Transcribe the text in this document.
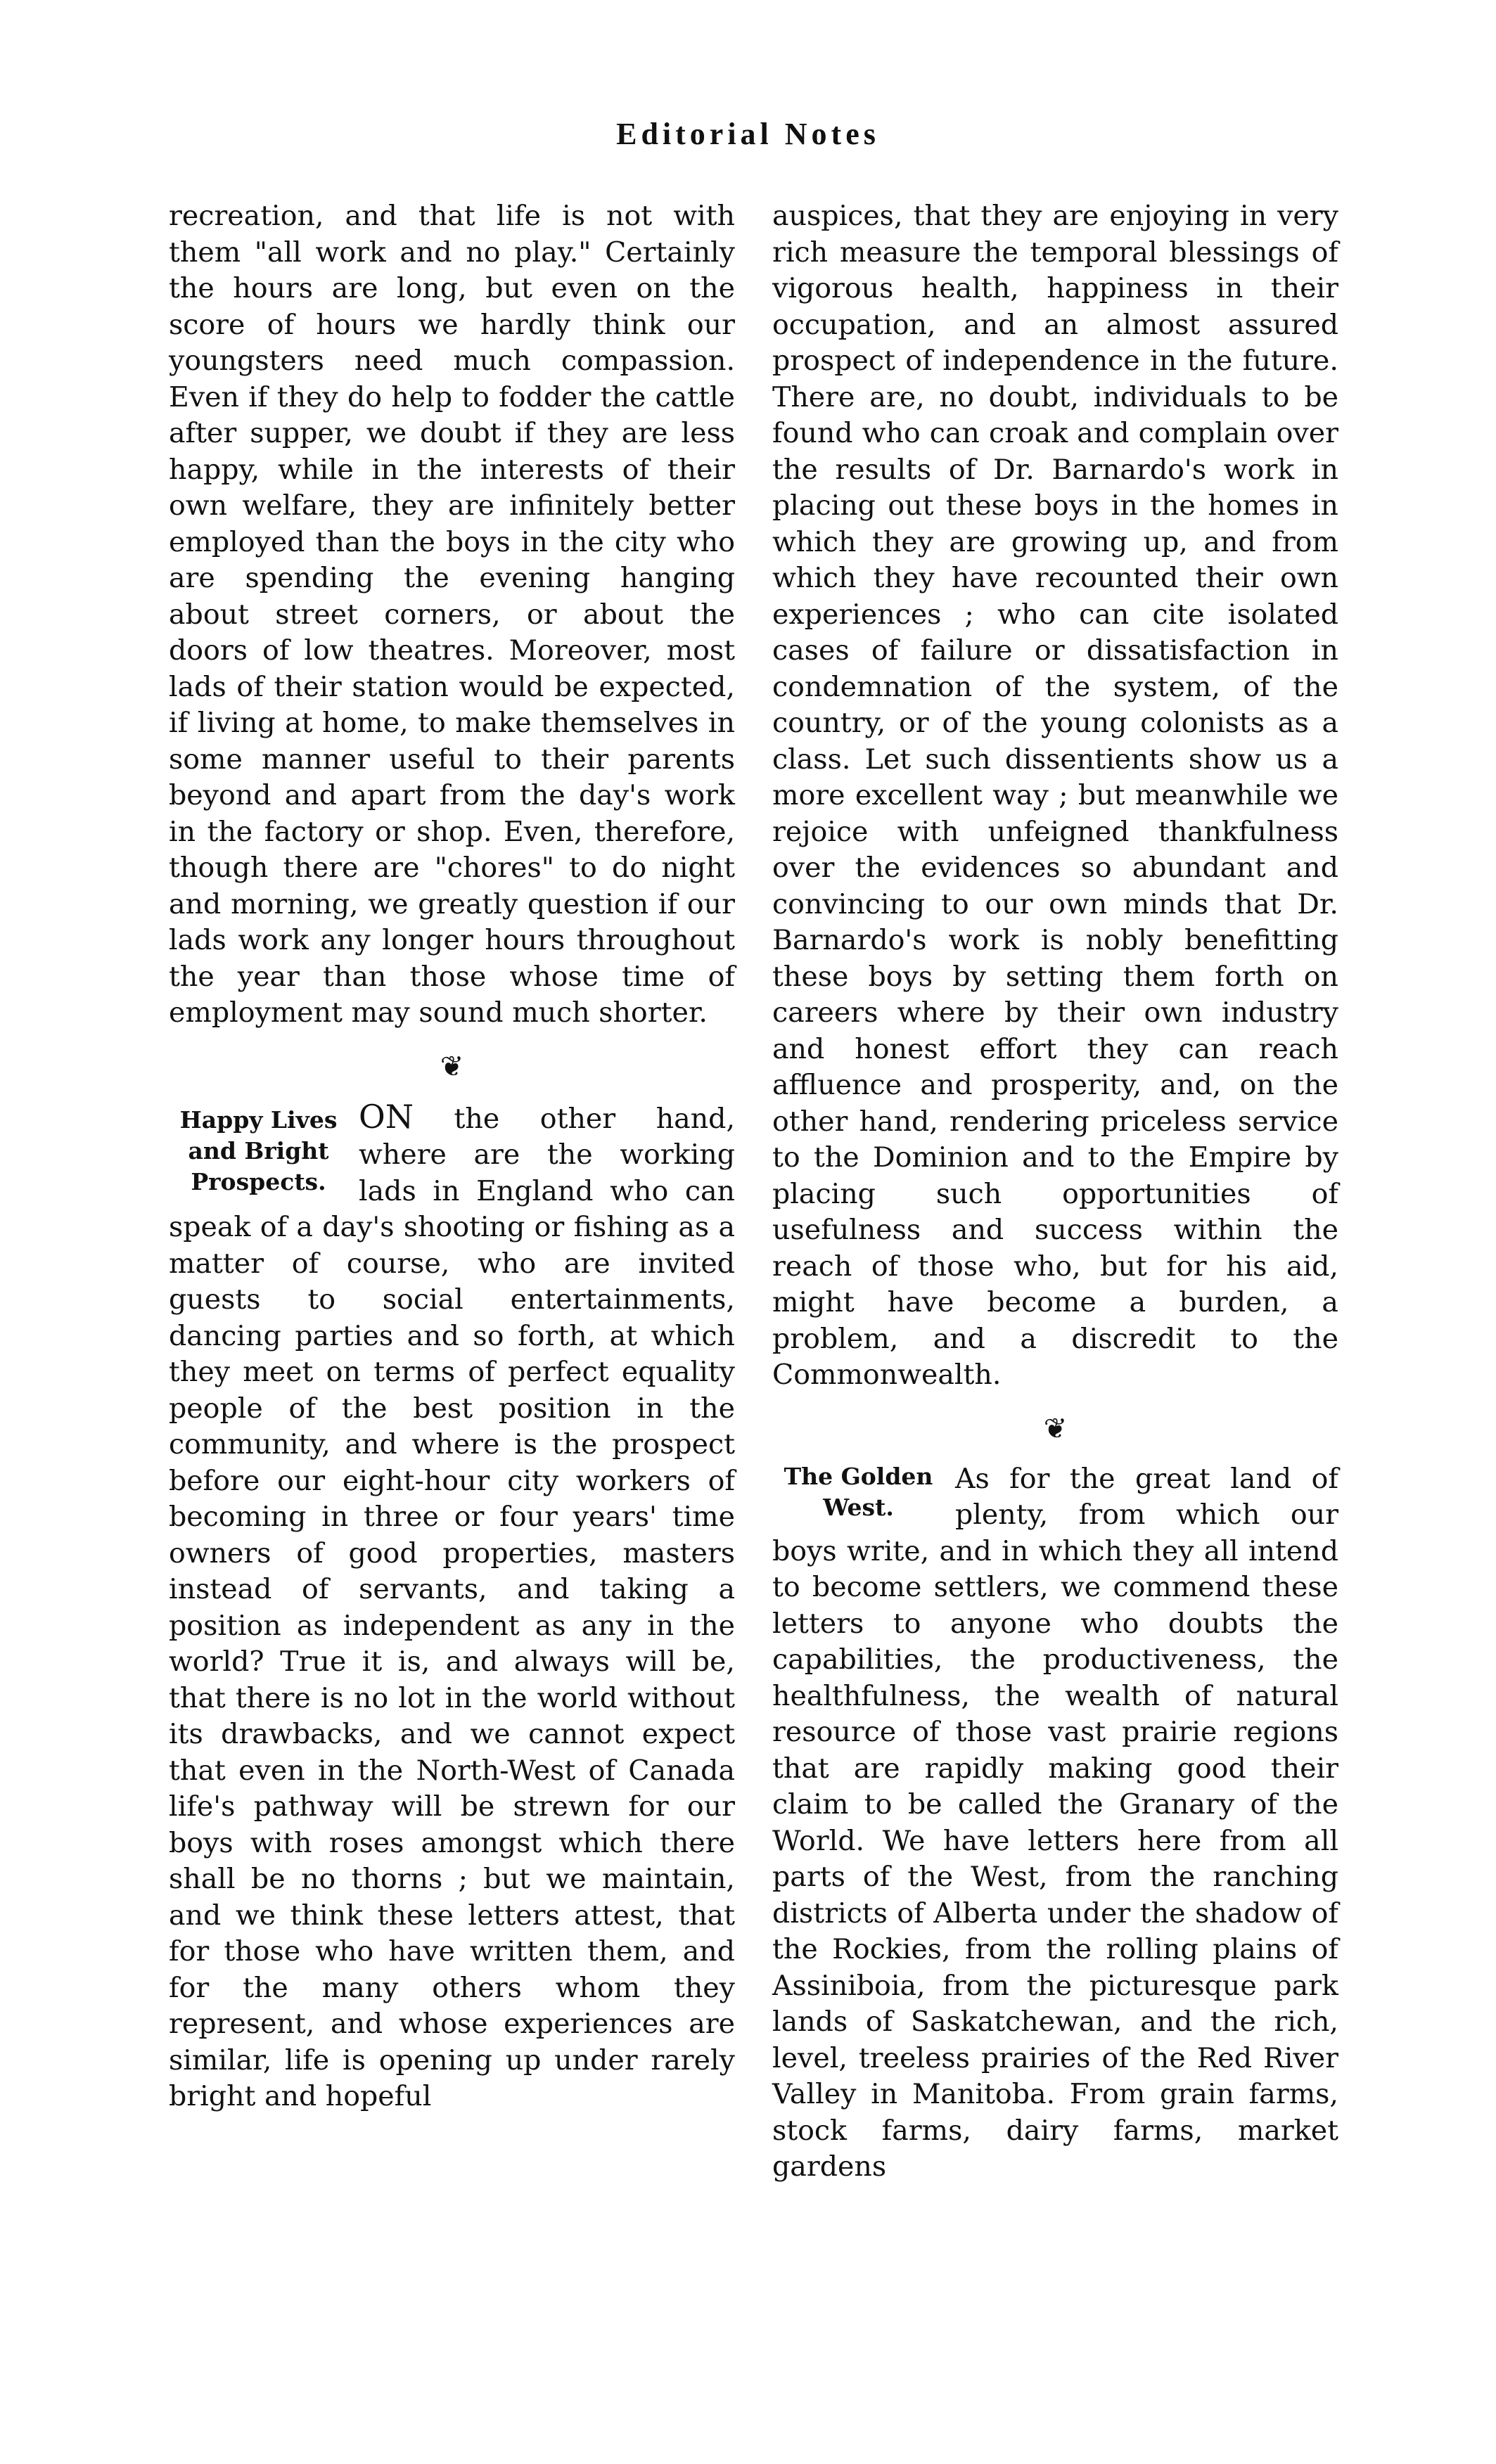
Editorial Notes

recreation, and that life is not with them "all work and no play." Certainly the hours are long, but even on the score of hours we hardly think our youngsters need much compassion. Even if they do help to fodder the cattle after supper, we doubt if they are less happy, while in the interests of their own welfare, they are infinitely better employed than the boys in the city who are spending the evening hanging about street corners, or about the doors of low theatres. Moreover, most lads of their station would be expected, if living at home, to make themselves in some manner useful to their parents beyond and apart from the day's work in the factory or shop. Even, therefore, though there are "chores" to do night and morning, we greatly question if our lads work any longer hours throughout the year than those whose time of employment may sound much shorter.

❦
Happy Lives
and Bright
Prospects.

ON the other hand, where are the working lads in England who can speak of a day's shooting or fishing as a matter of course, who are invited guests to social entertainments, dancing parties and so forth, at which they meet on terms of perfect equality people of the best position in the community, and where is the prospect before our eight-hour city workers of becoming in three or four years' time owners of good properties, masters instead of servants, and taking a position as independent as any in the world? True it is, and always will be, that there is no lot in the world without its drawbacks, and we cannot expect that even in the North-West of Canada life's pathway will be strewn for our boys with roses amongst which there shall be no thorns ; but we maintain, and we think these letters attest, that for those who have written them, and for the many others whom they represent, and whose experiences are similar, life is opening up under rarely bright and hopeful

auspices, that they are enjoying in very rich measure the temporal blessings of vigorous health, happiness in their occupation, and an almost assured prospect of independence in the future. There are, no doubt, individuals to be found who can croak and complain over the results of Dr. Barnardo's work in placing out these boys in the homes in which they are growing up, and from which they have recounted their own experiences ; who can cite isolated cases of failure or dissatisfaction in condemnation of the system, of the country, or of the young colonists as a class. Let such dissentients show us a more excellent way ; but meanwhile we rejoice with unfeigned thankfulness over the evidences so abundant and convincing to our own minds that Dr. Barnardo's work is nobly benefitting these boys by setting them forth on careers where by their own industry and honest effort they can reach affluence and prosperity, and, on the other hand, rendering priceless service to the Dominion and to the Empire by placing such opportunities of usefulness and success within the reach of those who, but for his aid, might have become a burden, a problem, and a discredit to the Commonwealth.

❦
The Golden
West.

As for the great land of plenty, from which our boys write, and in which they all intend to become settlers, we commend these letters to anyone who doubts the capabilities, the productiveness, the healthfulness, the wealth of natural resource of those vast prairie regions that are rapidly making good their claim to be called the Granary of the World. We have letters here from all parts of the West, from the ranching districts of Alberta under the shadow of the Rockies, from the rolling plains of Assiniboia, from the picturesque park lands of Saskatchewan, and the rich, level, treeless prairies of the Red River Valley in Manitoba. From grain farms, stock farms, dairy farms, market gardens
